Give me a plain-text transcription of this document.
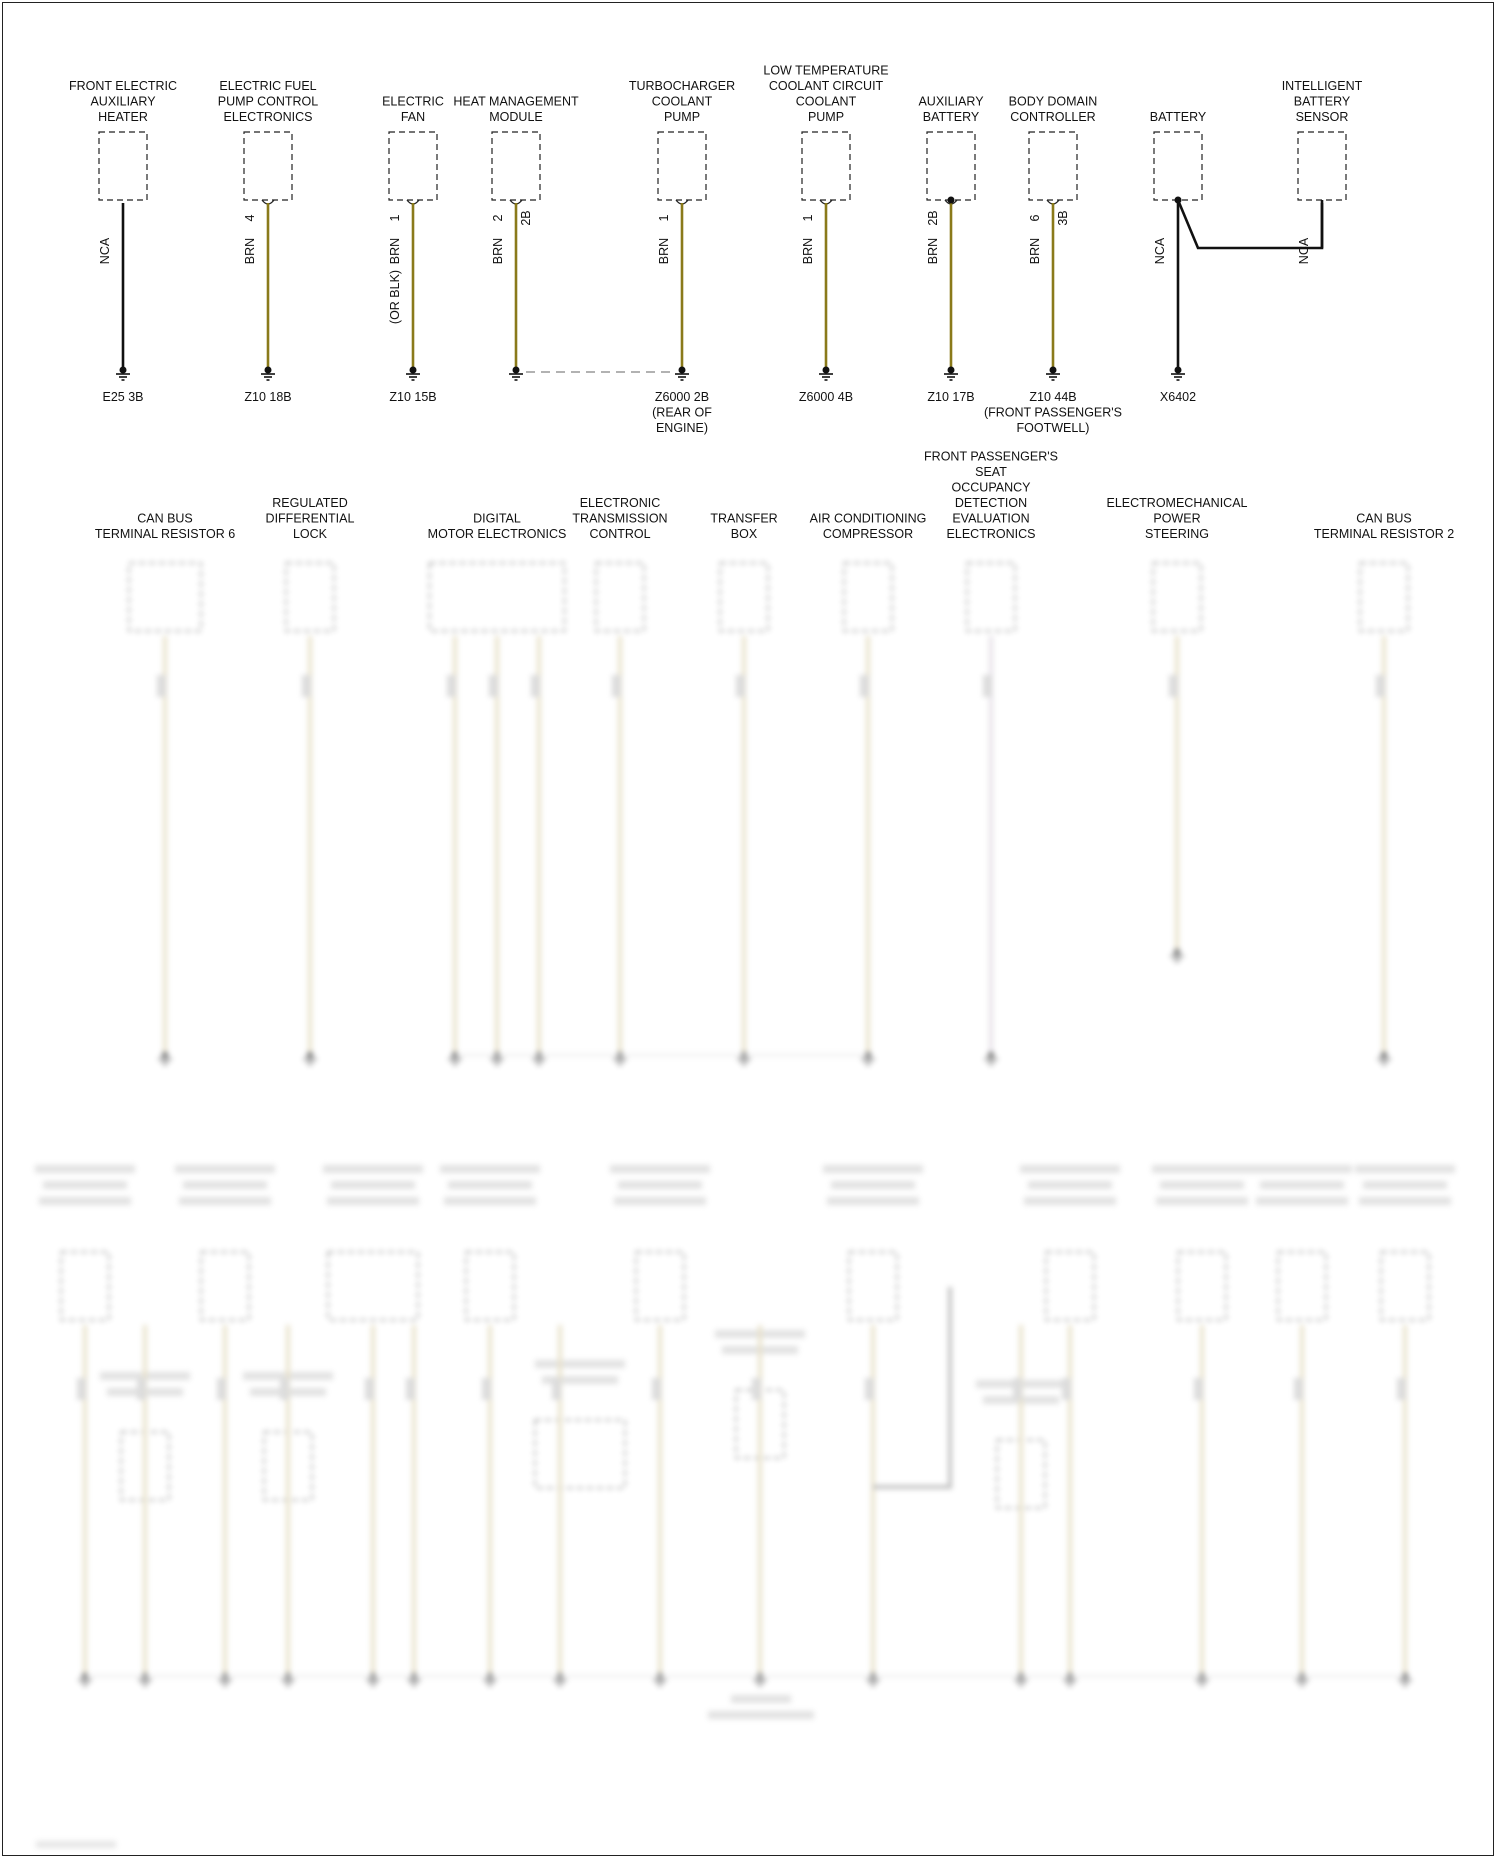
FRONT ELECTRIC
AUXILIARY
HEATER
NCA
E25 3B
ELECTRIC FUEL
PUMP CONTROL
ELECTRONICS
BRN
4
Z10 18B
ELECTRIC
FAN
BRN
(OR BLK)
1
Z10 15B
HEAT MANAGEMENT
MODULE
BRN
2 2B
TURBOCHARGER
COOLANT
PUMP
BRN
1
Z6000 2B
(REAR OF
ENGINE)
LOW TEMPERATURE
COOLANT CIRCUIT
COOLANT
PUMP
BRN
1
Z6000 4B
AUXILIARY
BATTERY
BRN
2B
Z10 17B
BODY DOMAIN
CONTROLLER
BRN
6 3B
Z10 44B
(FRONT PASSENGER'S
FOOTWELL)
BATTERY
NCA
X6402
INTELLIGENT
BATTERY
SENSOR
NCA
CAN BUS
TERMINAL RESISTOR 6
REGULATED
DIFFERENTIAL
LOCK
DIGITAL
MOTOR ELECTRONICS
ELECTRONIC
TRANSMISSION
CONTROL
TRANSFER
BOX
AIR CONDITIONING
COMPRESSOR
FRONT PASSENGER'S
SEAT
OCCUPANCY
DETECTION
EVALUATION
ELECTRONICS
ELECTROMECHANICAL
POWER
STEERING
CAN BUS
TERMINAL RESISTOR 2
